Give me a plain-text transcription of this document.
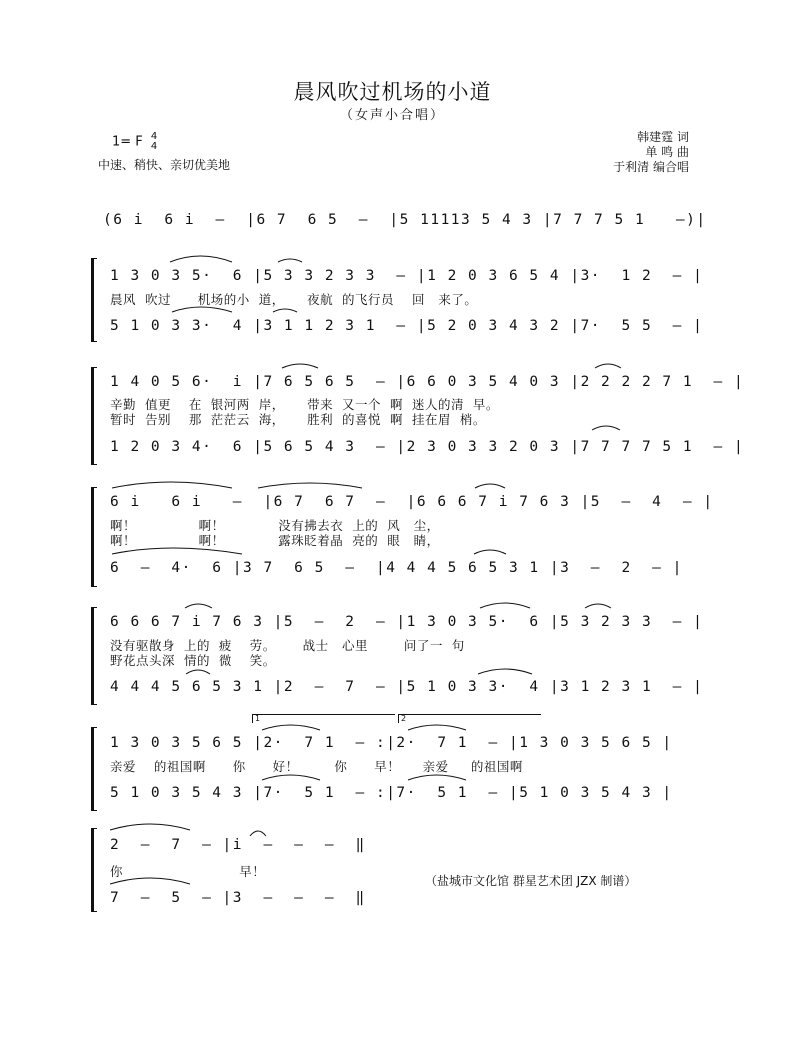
晨风吹过机场的小道
（女声小合唱）
1= F 4
4
中速、稍快、亲切优美地
韩建霆 词
单 鸣 曲
于利清 编合唱
(6 i  6 i  –  |6 7  6 5  –  |5 11113 5 4 3 |7 7 7 5 1   –)|
1 3 0 3 5·  6 |5 3 3 2 3 3  – |1 2 0 3 6 5 4 |3·  1 2  – |
晨风  吹过      机场的小  道，     夜航  的飞行员    回   来了。
5 1 0 3 3·  4 |3 1 1 2 3 1  – |5 2 0 3 4 3 2 |7·  5 5  – |
1 4 0 5 6·  i |7 6 5 6 5  – |6 6 0 3 5 4 0 3 |2 2 2 2 7 1  – |
辛勤  值更    在  银河两  岸，     带来  又一个  啊  迷人的清  早。
暂时  告别    那  茫茫云  海，     胜利  的喜悦  啊  挂在眉  梢。
1 2 0 3 4·  6 |5 6 5 4 3  – |2 3 0 3 3 2 0 3 |7 7 7 7 5 1  – |
6 i   6 i   –  |6 7  6 7  –  |6 6 6 7 i 7 6 3 |5  –  4  – |
啊！              啊！            没有拂去衣  上的  风   尘，
啊！              啊！            露珠眨着晶  亮的  眼   睛，
6  –  4·  6 |3 7  6 5  –  |4 4 4 5 6 5 3 1 |3  –  2  – |
6 6 6 7 i 7 6 3 |5  –  2  – |1 3 0 3 5·  6 |5 3 2 3 3  – |
没有驱散身  上的  疲    劳。      战士   心里        问了一  句
野花点头深  情的  微    笑。
4 4 4 5 6 5 3 1 |2  –  7  – |5 1 0 3 3·  4 |3 1 2 3 1  – |
1	2
1 3 0 3 5 6 5 |2·  7 1  – :|2·  7 1  – |1 3 0 3 5 6 5 |
亲爱    的祖国啊      你      好！        你      早！     亲爱     的祖国啊
5 1 0 3 5 4 3 |7·  5 1  – :|7·  5 1  – |5 1 0 3 5 4 3 |
2  –  7  – |i  –  –  –  ‖
你                          早！
7  –  5  – |3  –  –  –  ‖
（盐城市文化馆 群星艺术团 JZX 制谱）
